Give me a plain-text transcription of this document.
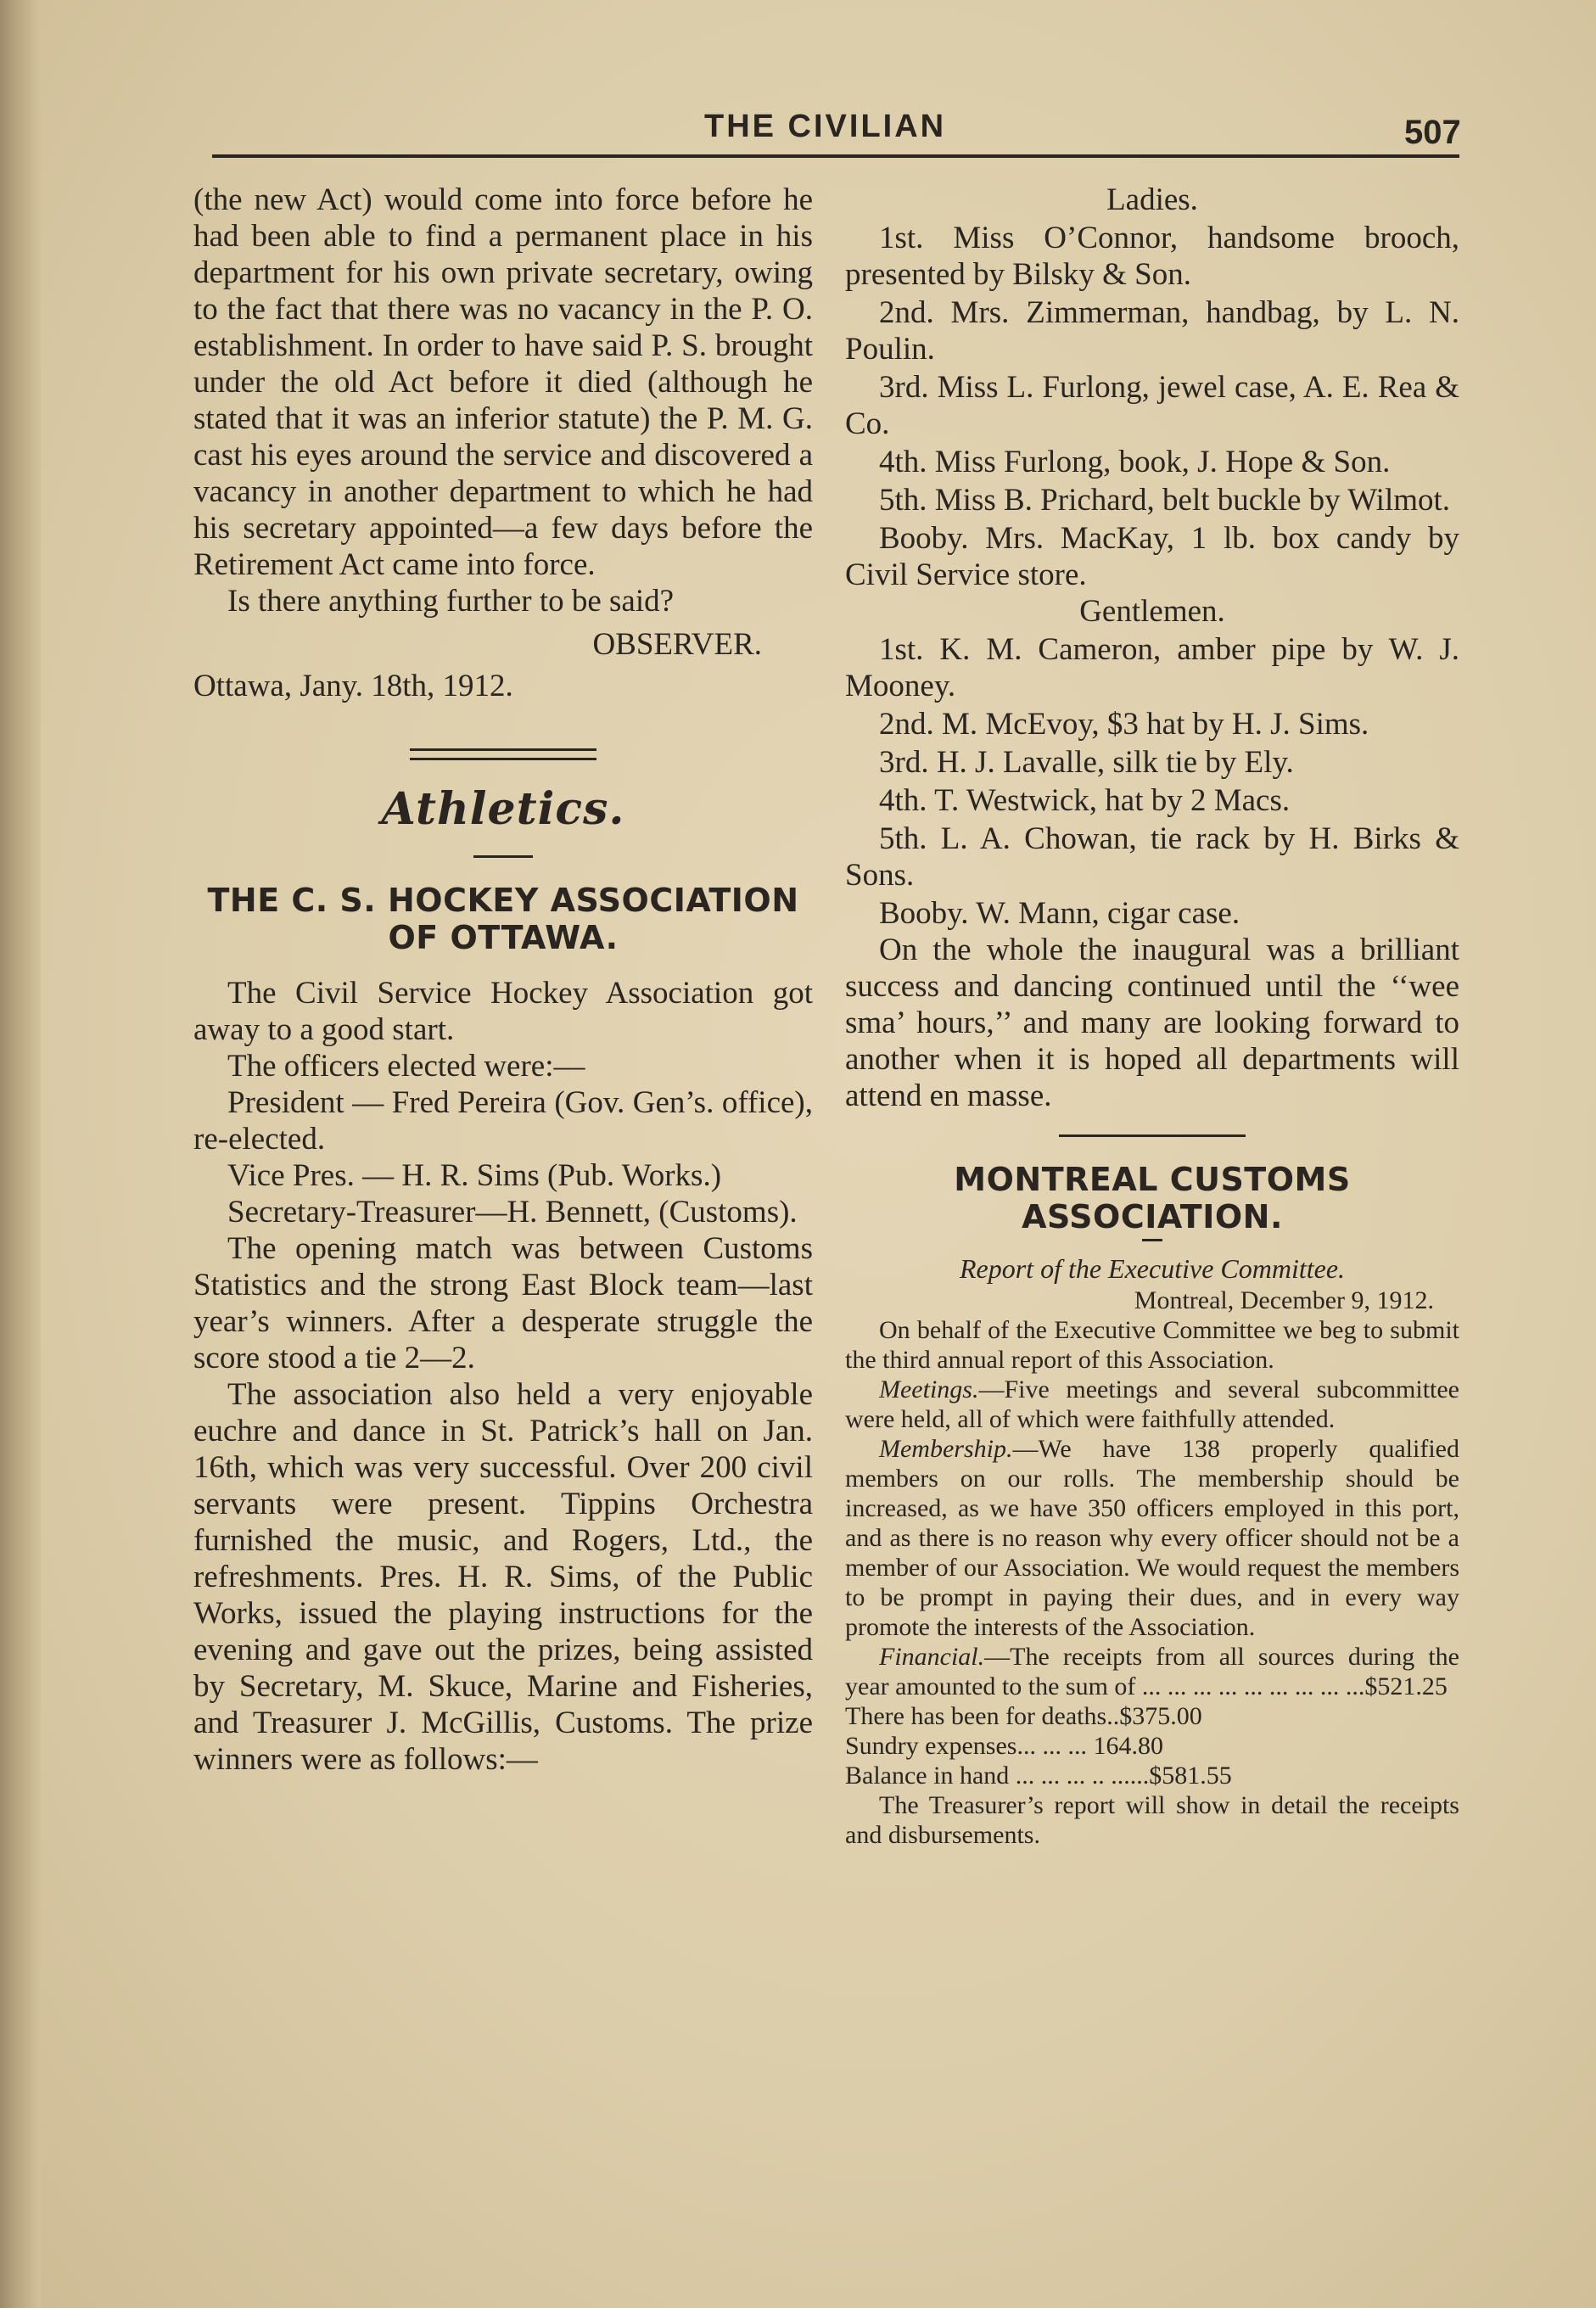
THE CIVILIAN	507

(the new Act) would come into force before he had been able to find a permanent place in his department for his own private secretary, owing to the fact that there was no vacancy in the P. O. establishment. In order to have said P. S. brought under the old Act before it died (although he stated that it was an inferior statute) the P. M. G. cast his eyes around the service and discovered a vacancy in another department to which he had his secretary appointed—a few days before the Retirement Act came into force.

Is there anything further to be said?

OBSERVER.

Ottawa, Jany. 18th, 1912.

Athletics.

THE C. S. HOCKEY ASSOCIATION OF OTTAWA.

The Civil Service Hockey Association got away to a good start.

The officers elected were:—

President — Fred Pereira (Gov. Gen’s. office), re-elected.

Vice Pres. — H. R. Sims (Pub. Works.)

Secretary-Treasurer—H. Bennett, (Customs).

The opening match was between Customs Statistics and the strong East Block team—last year’s winners. After a desperate struggle the score stood a tie 2—2.

The association also held a very enjoyable euchre and dance in St. Patrick’s hall on Jan. 16th, which was very successful. Over 200 civil servants were present. Tippins Orchestra furnished the music, and Rogers, Ltd., the refreshments. Pres. H. R. Sims, of the Public Works, issued the playing instructions for the evening and gave out the prizes, being assisted by Secretary, M. Skuce, Marine and Fisheries, and Treasurer J. McGillis, Customs. The prize winners were as follows:—

Ladies.

1st. Miss O’Connor, handsome brooch, presented by Bilsky & Son.

2nd. Mrs. Zimmerman, handbag, by L. N. Poulin.

3rd. Miss L. Furlong, jewel case, A. E. Rea & Co.

4th. Miss Furlong, book, J. Hope & Son.

5th. Miss B. Prichard, belt buckle by Wilmot.

Booby. Mrs. MacKay, 1 lb. box candy by Civil Service store.

Gentlemen.

1st. K. M. Cameron, amber pipe by W. J. Mooney.

2nd. M. McEvoy, $3 hat by H. J. Sims.

3rd. H. J. Lavalle, silk tie by Ely.

4th. T. Westwick, hat by 2 Macs.

5th. L. A. Chowan, tie rack by H. Birks & Sons.

Booby. W. Mann, cigar case.

On the whole the inaugural was a brilliant success and dancing continued until the ‘‘wee sma’ hours,’’ and many are looking forward to another when it is hoped all departments will attend en masse.

MONTREAL CUSTOMS ASSOCIATION.

Report of the Executive Committee.

Montreal, December 9, 1912.

On behalf of the Executive Committee we beg to submit the third annual report of this Association.

Meetings.—Five meetings and several subcommittee were held, all of which were faithfully attended.

Membership.—We have 138 properly qualified members on our rolls. The membership should be increased, as we have 350 officers employed in this port, and as there is no reason why every officer should not be a member of our Association. We would request the members to be prompt in paying their dues, and in every way promote the interests of the Association.

Financial.—The receipts from all sources during the year amounted to the sum of ... ... ... ... ... ... ... ... ...$521.25

There has been for deaths..$375.00

Sundry expenses... ... ... 164.80

Balance in hand ... ... ... .. ......$581.55

The Treasurer’s report will show in detail the receipts and disbursements.
